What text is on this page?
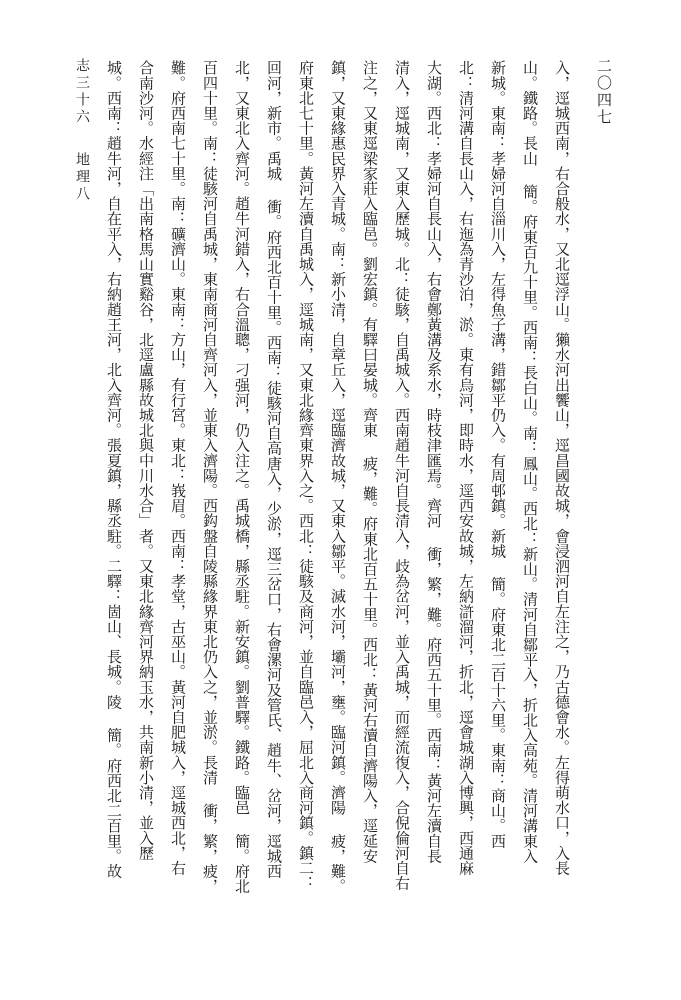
二〇四七
入，逕城西南，右合般水，又北逕浮山。獺水河出饗山，逕昌國故城，會浸泗河自左注之，乃古德會水。左得萌水口，入長
山。鐵路。長山 簡。府東百九十里。西南：長白山。南：鳳山。西北：新山。清河自鄒平入，折北入高苑。清河溝東入
新城。東南：孝婦河自淄川入，左得魚子溝，錯鄒平仍入。有周邨鎮。新城 簡。府東北二百十六里。東南：商山。西
北：清河溝自長山入，右迤為青沙泊，淤。東有烏河，即時水，逕西安故城，左納滸溜河，折北，逕會城湖入博興，西通麻
大湖。西北：孝婦河自長山入，右會鄭黃溝及系水，時枝津匯焉。齊河 衝，繁，難。府西五十里。西南：黃河左瀆自長
清入，逕城南，又東入歷城。北：徒駭，自禹城入。西南趙牛河自長清入，歧為岔河，並入禹城，而經流復入，合倪倫河自右
注之，又東逕梁家莊入臨邑。劉宏鎮。有驛曰晏城。齊東 疲，難。府東北百五十里。西北：黃河右瀆自濟陽入，逕延安
鎮，又東緣惠民界入青城。南：新小清，自章丘入，逕臨濟故城，又東入鄒平。滅水河，壩河，壅。臨河鎮。濟陽 疲，難。
府東北七十里。黃河左瀆自禹城入，逕城南，又東北緣齊東界入之。西北：徒駭及商河，並自臨邑入，屈北入商河鎮。鎮二：
回河，新市。禹城 衝。府西北百十里。西南：徒駭河自高唐入，少淤，逕三岔口，右會漯河及管氏、趙牛、岔河，逕城西
北，又東北入齊河。趙牛河錯入，右合溫聰，刁强河，仍入注之。禹城橋，縣丞駐。新安鎮。劉普驛。鐵路。臨邑 簡。府北
百四十里。南：徒駭河自禹城，東南商河自齊河入，並東入濟陽。西鈎盤自陵縣緣界東北仍入之，並淤。長清 衝，繁，疲，
難。府西南七十里。南：礦濟山。東南：方山，有行宮。東北：峩眉。西南：孝堂，古巫山。黃河自肥城入，逕城西北，右
合南沙河。水經注「出南格馬山實谿谷，北逕盧縣故城北與中川水合」者。又東北緣齊河界納玉水，共南新小清，並入歷
城。西南：趙牛河，自在平入，右納趙王河，北入齊河。張夏鎮，縣丞駐。二驛：崮山、長城。陵 簡。府西北二百里。故
志三十六地理八
